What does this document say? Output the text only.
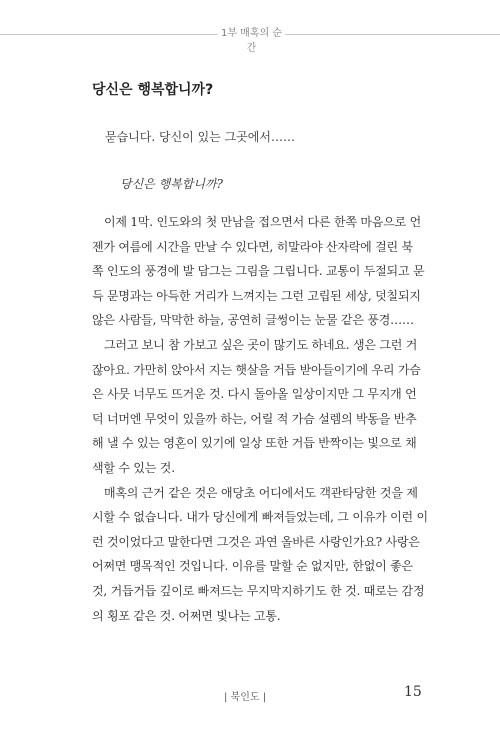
1부 매혹의 순간
당신은 행복합니까?
묻습니다. 당신이 있는 그곳에서……
당신은 행복합니까?

이제 1막. 인도와의 첫 만남을 접으면서 다른 한쪽 마음으로 언
젠가 여름에 시간을 만날 수 있다면, 히말라야 산자락에 걸린 북
쪽 인도의 풍경에 발 담그는 그림을 그립니다. 교통이 두절되고 문
득 문명과는 아득한 거리가 느껴지는 그런 고립된 세상, 덧칠되지
않은 사람들, 막막한 하늘, 공연히 글썽이는 눈물 같은 풍경……

그러고 보니 참 가보고 싶은 곳이 많기도 하네요. 생은 그런 거
잖아요. 가만히 앉아서 지는 햇살을 거듭 받아들이기에 우리 가슴
은 사뭇 너무도 뜨거운 것. 다시 돌아올 일상이지만 그 무지개 언
덕 너머엔 무엇이 있을까 하는, 어릴 적 가슴 설렘의 박동을 반추
해 낼 수 있는 영혼이 있기에 일상 또한 거듭 반짝이는 빛으로 채
색할 수 있는 것.

매혹의 근거 같은 것은 애당초 어디에서도 객관타당한 것을 제
시할 수 없습니다. 내가 당신에게 빠져들었는데, 그 이유가 이런 이
런 것이었다고 말한다면 그것은 과연 올바른 사랑인가요? 사랑은
어쩌면 맹목적인 것입니다. 이유를 말할 순 없지만, 한없이 좋은
것, 거듭거듭 깊이로 빠져드는 무지막지하기도 한 것. 때로는 감정
의 횡포 같은 것. 어쩌면 빛나는 고통.

| 북인도 |	15
